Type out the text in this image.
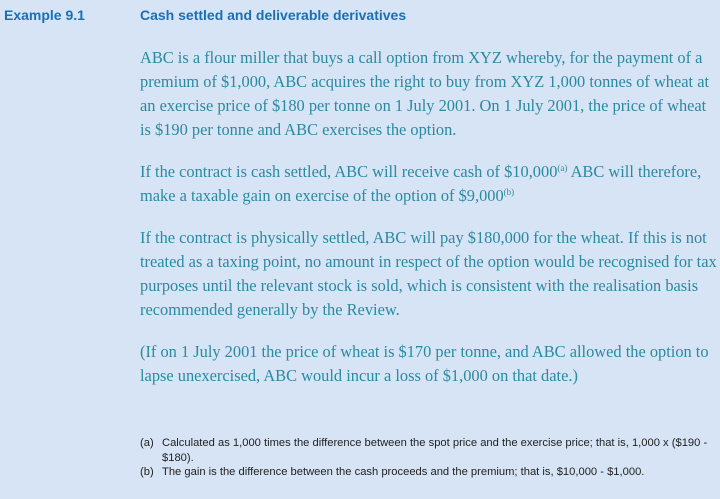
Example 9.1	Cash settled and deliverable derivatives

ABC is a flour miller that buys a call option from XYZ whereby, for the payment of a premium of $1,000, ABC acquires the right to buy from XYZ 1,000 tonnes of wheat at an exercise price of $180 per tonne on 1 July 2001. On 1 July 2001, the price of wheat is $190 per tonne and ABC exercises the option.

If the contract is cash settled, ABC will receive cash of $10,000$^{(a)}$ ABC will therefore, make a taxable gain on exercise of the option of $9,000$^{(b)}$

If the contract is physically settled, ABC will pay $180,000 for the wheat. If this is not treated as a taxing point, no amount in respect of the option would be recognised for tax purposes until the relevant stock is sold, which is consistent with the realisation basis recommended generally by the Review.

(If on 1 July 2001 the price of wheat is $170 per tonne, and ABC allowed the option to lapse unexercised, ABC would incur a loss of $1,000 on that date.)

(a) Calculated as 1,000 times the difference between the spot price and the exercise price; that is, 1,000 x ($190 - $180).
(b) The gain is the difference between the cash proceeds and the premium; that is, $10,000 - $1,000.
